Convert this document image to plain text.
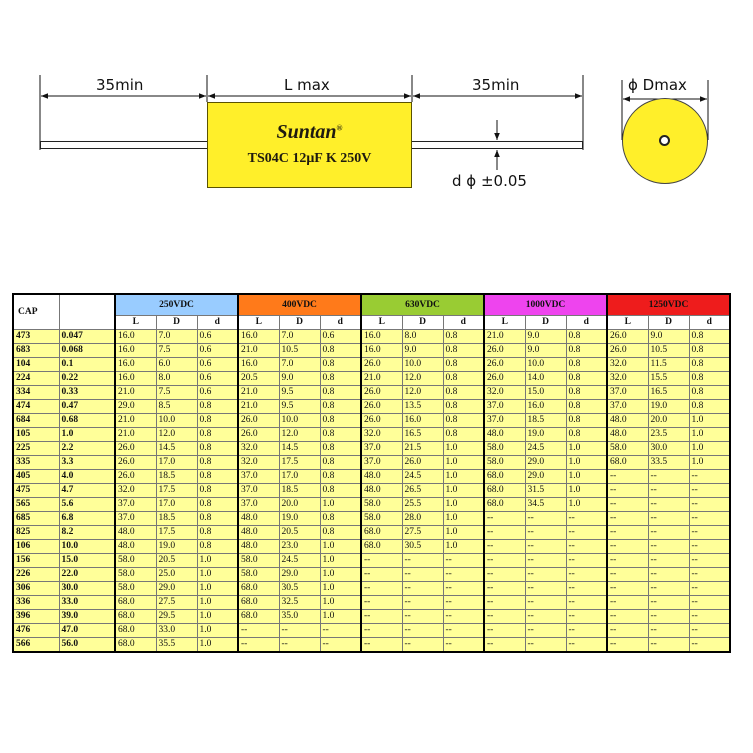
35min	L max	35min	ϕ Dmax
d ϕ ±0.05
Suntan®
TS04C 12μF K 250V
CAP		250VDC			400VDC			630VDC			1000VDC			1250VDC		
		L	D	d	L	D	d	L	D	d	L	D	d	L	D	d
473	0.047	16.0	7.0	0.6	16.0	7.0	0.6	16.0	8.0	0.8	21.0	9.0	0.8	26.0	9.0	0.8
683	0.068	16.0	7.5	0.6	21.0	10.5	0.8	16.0	9.0	0.8	26.0	9.0	0.8	26.0	10.5	0.8
104	0.1	16.0	6.0	0.6	16.0	7.0	0.8	26.0	10.0	0.8	26.0	10.0	0.8	32.0	11.5	0.8
224	0.22	16.0	8.0	0.6	20.5	9.0	0.8	21.0	12.0	0.8	26.0	14.0	0.8	32.0	15.5	0.8
334	0.33	21.0	7.5	0.6	21.0	9.5	0.8	26.0	12.0	0.8	32.0	15.0	0.8	37.0	16.5	0.8
474	0.47	29.0	8.5	0.8	21.0	9.5	0.8	26.0	13.5	0.8	37.0	16.0	0.8	37.0	19.0	0.8
684	0.68	21.0	10.0	0.8	26.0	10.0	0.8	26.0	16.0	0.8	37.0	18.5	0.8	48.0	20.0	1.0
105	1.0	21.0	12.0	0.8	26.0	12.0	0.8	32.0	16.5	0.8	48.0	19.0	0.8	48.0	23.5	1.0
225	2.2	26.0	14.5	0.8	32.0	14.5	0.8	37.0	21.5	1.0	58.0	24.5	1.0	58.0	30.0	1.0
335	3.3	26.0	17.0	0.8	32.0	17.5	0.8	37.0	26.0	1.0	58.0	29.0	1.0	68.0	33.5	1.0
405	4.0	26.0	18.5	0.8	37.0	17.0	0.8	48.0	24.5	1.0	68.0	29.0	1.0	--	--	--
475	4.7	32.0	17.5	0.8	37.0	18.5	0.8	48.0	26.5	1.0	68.0	31.5	1.0	--	--	--
565	5.6	37.0	17.0	0.8	37.0	20.0	1.0	58.0	25.5	1.0	68.0	34.5	1.0	--	--	--
685	6.8	37.0	18.5	0.8	48.0	19.0	0.8	58.0	28.0	1.0	--	--	--	--	--	--
825	8.2	48.0	17.5	0.8	48.0	20.5	0.8	68.0	27.5	1.0	--	--	--	--	--	--
106	10.0	48.0	19.0	0.8	48.0	23.0	1.0	68.0	30.5	1.0	--	--	--	--	--	--
156	15.0	58.0	20.5	1.0	58.0	24.5	1.0	--	--	--	--	--	--	--	--	--
226	22.0	58.0	25.0	1.0	58.0	29.0	1.0	--	--	--	--	--	--	--	--	--
306	30.0	58.0	29.0	1.0	68.0	30.5	1.0	--	--	--	--	--	--	--	--	--
336	33.0	68.0	27.5	1.0	68.0	32.5	1.0	--	--	--	--	--	--	--	--	--
396	39.0	68.0	29.5	1.0	68.0	35.0	1.0	--	--	--	--	--	--	--	--	--
476	47.0	68.0	33.0	1.0	--	--	--	--	--	--	--	--	--	--	--	--
566	56.0	68.0	35.5	1.0	--	--	--	--	--	--	--	--	--	--	--	--
